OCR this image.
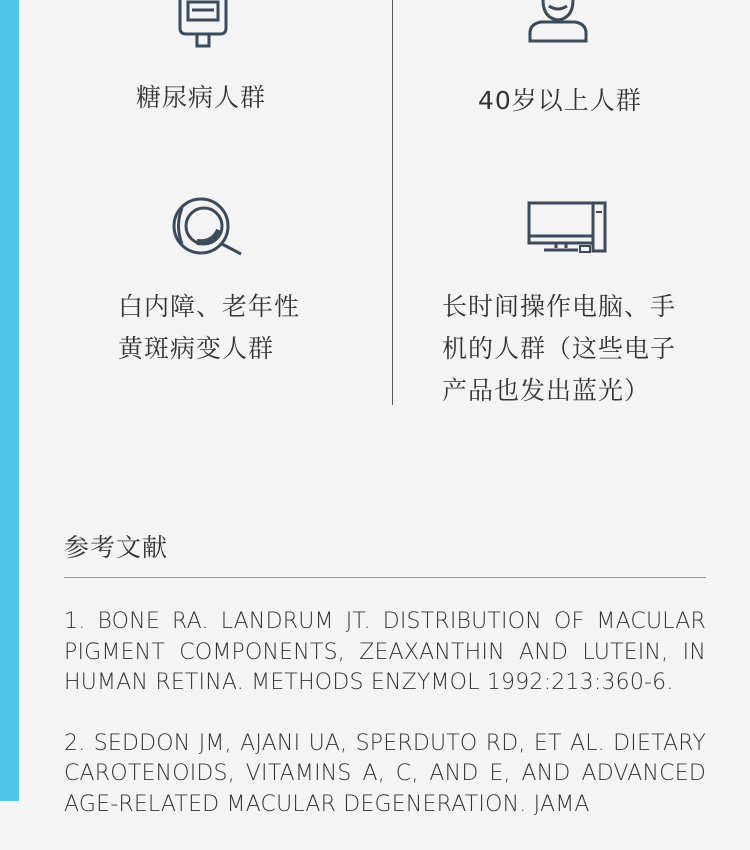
糖尿病人群	40岁以上人群
白内障、老年性
黄斑病变人群
长时间操作电脑、手
机的人群（这些电子
产品也发出蓝光）
参考文献
1. BONE RA. LANDRUM JT. DISTRIBUTION OF MACULAR PIGMENT COMPONENTS, ZEAXANTHIN AND LUTEIN, IN HUMAN RETINA. METHODS ENZYMOL 1992:213:360-6.
2. SEDDON JM, AJANI UA, SPERDUTO RD, ET AL. DIETARY CAROTENOIDS, VITAMINS A, C, AND E, AND ADVANCED AGE-RELATED MACULAR DEGENERATION. JAMA
